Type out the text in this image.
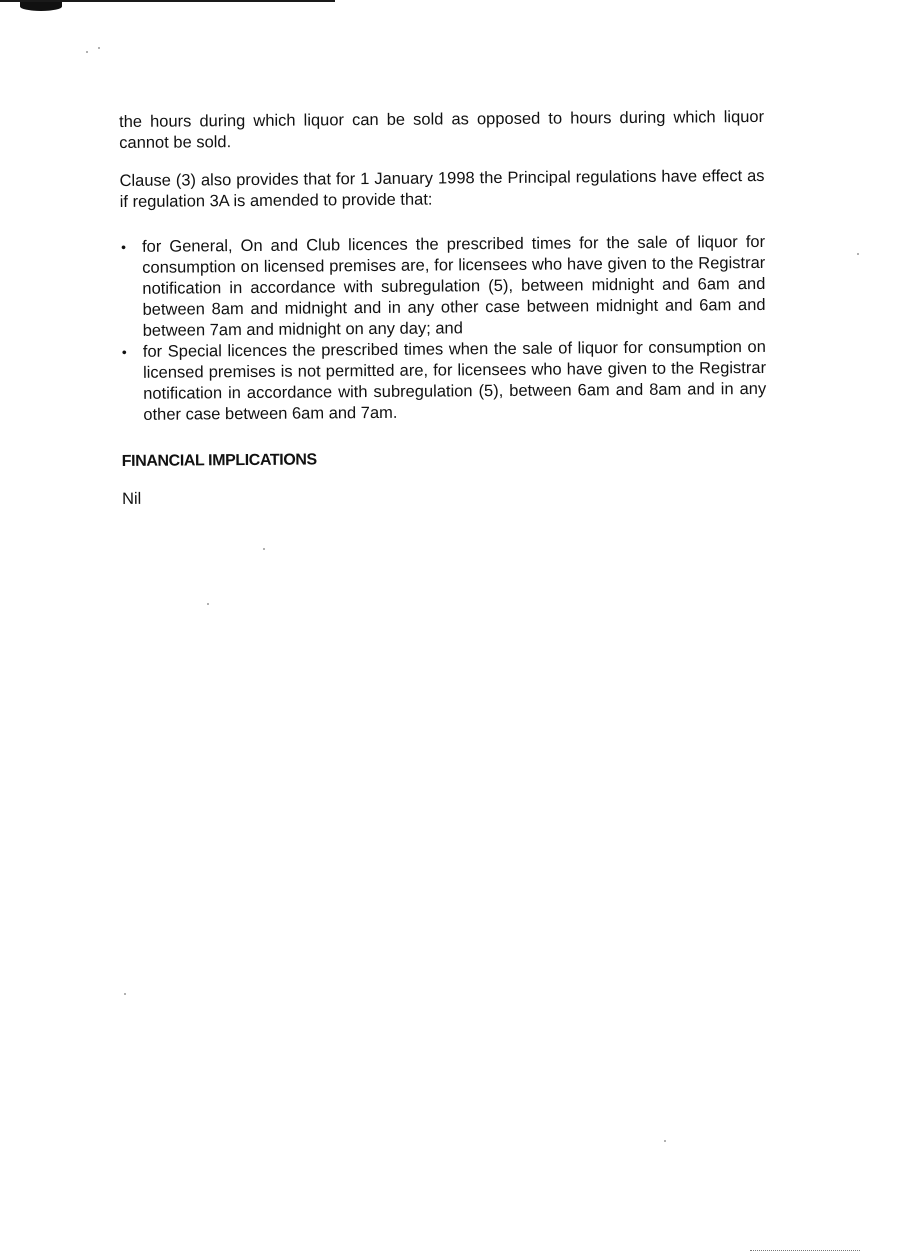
the hours during which liquor can be sold as opposed to hours during which liquor cannot be sold.

Clause (3) also provides that for 1 January 1998 the Principal regulations have effect as if regulation 3A is amended to provide that:

• for General, On and Club licences the prescribed times for the sale of liquor for consumption on licensed premises are, for licensees who have given to the Registrar notification in accordance with subregulation (5), between midnight and 6am and between 8am and midnight and in any other case between midnight and 6am and between 7am and midnight on any day; and
• for Special licences the prescribed times when the sale of liquor for consumption on licensed premises is not permitted are, for licensees who have given to the Registrar notification in accordance with subregulation (5), between 6am and 8am and in any other case between 6am and 7am.
FINANCIAL IMPLICATIONS
Nil
